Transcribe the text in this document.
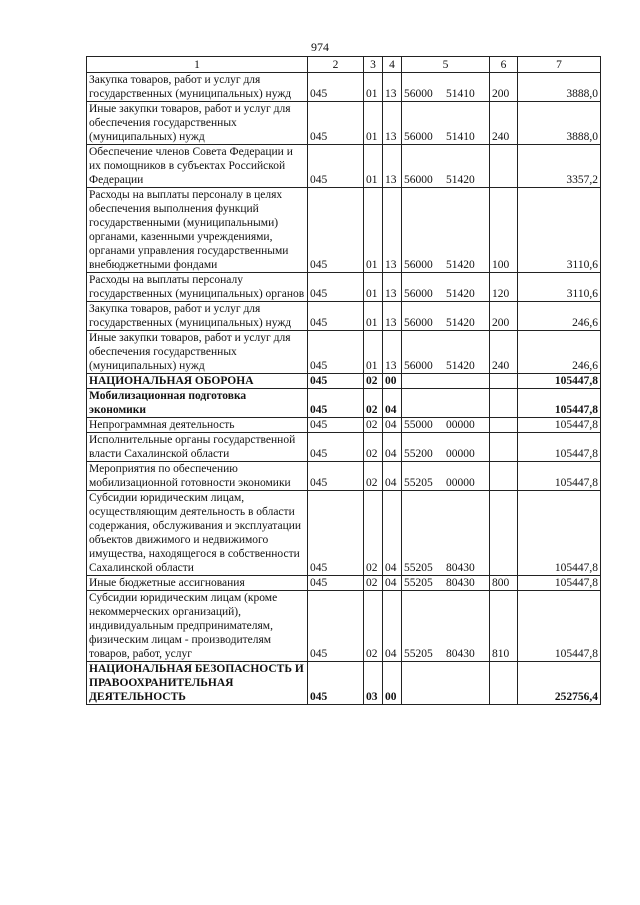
974
1	2	3	4	5	6	7
Закупка товаров, работ и услуг для государственных (муниципальных) нужд	045	01	13	56000 51410	200	3888,0
Иные закупки товаров, работ и услуг для обеспечения государственных (муниципальных) нужд	045	01	13	56000 51410	240	3888,0
Обеспечение членов Совета Федерации и их помощников в субъектах Российской Федерации	045	01	13	56000 51420		3357,2
Расходы на выплаты персоналу в целях обеспечения выполнения функций государственными (муниципальными) органами, казенными учреждениями, органами управления государственными внебюджетными фондами	045	01	13	56000 51420	100	3110,6
Расходы на выплаты персоналу государственных (муниципальных) органов	045	01	13	56000 51420	120	3110,6
Закупка товаров, работ и услуг для государственных (муниципальных) нужд	045	01	13	56000 51420	200	246,6
Иные закупки товаров, работ и услуг для обеспечения государственных (муниципальных) нужд	045	01	13	56000 51420	240	246,6
НАЦИОНАЛЬНАЯ ОБОРОНА	045	02	00			105447,8
Мобилизационная подготовка экономики	045	02	04			105447,8
Непрограммная деятельность	045	02	04	55000 00000		105447,8
Исполнительные органы государственной власти Сахалинской области	045	02	04	55200 00000		105447,8
Мероприятия по обеспечению мобилизационной готовности экономики	045	02	04	55205 00000		105447,8
Субсидии юридическим лицам, осуществляющим деятельность в области содержания, обслуживания и эксплуатации объектов движимого и недвижимого имущества, находящегося в собственности Сахалинской области	045	02	04	55205 80430		105447,8
Иные бюджетные ассигнования	045	02	04	55205 80430	800	105447,8
Субсидии юридическим лицам (кроме некоммерческих организаций), индивидуальным предпринимателям, физическим лицам - производителям товаров, работ, услуг	045	02	04	55205 80430	810	105447,8
НАЦИОНАЛЬНАЯ БЕЗОПАСНОСТЬ И ПРАВООХРАНИТЕЛЬНАЯ ДЕЯТЕЛЬНОСТЬ	045	03	00			252756,4
